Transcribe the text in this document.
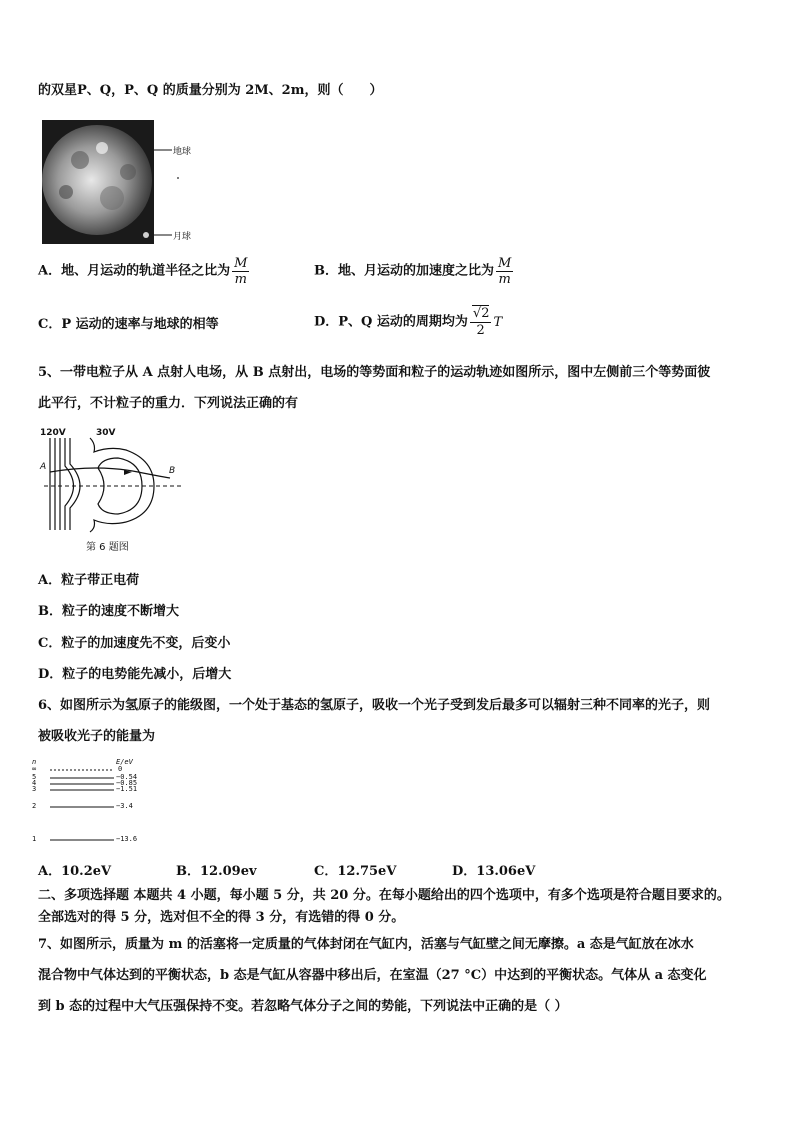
的双星P、Q，P、Q 的质量分别为 2M、2m，则（　　）
地球
月球
A．地、月运动的轨道半径之比为 $\frac{M}{m}$	B．地、月运动的加速度之比为 $\frac{M}{m}$
C．P 运动的速率与地球的相等	D．P、Q 运动的周期均为 $\frac{√2}{2}$ T
5、一带电粒子从 A 点射人电场，从 B 点射出，电场的等势面和粒子的运动轨迹如图所示，图中左侧前三个等势面彼
此平行，不计粒子的重力．下列说法正确的有
120V	30V
A	B
第 6 题图
A．粒子带正电荷
B．粒子的速度不断增大
C．粒子的加速度先不变，后变小
D．粒子的电势能先减小，后增大
6、如图所示为氢原子的能级图，一个处于基态的氢原子，吸收一个光子受到发后最多可以辐射三种不同率的光子，则
被吸收光子的能量为
n	E/eV
∞	0
5	−0.54
4	−0.85
3	−1.51
2	−3.4
1	−13.6
A．10.2eV	B．12.09ev	C．12.75eV	D．13.06eV
二、多项选择题 本题共 4 小题，每小题 5 分，共 20 分。在每小题给出的四个选项中，有多个选项是符合题目要求的。
全部选对的得 5 分，选对但不全的得 3 分，有选错的得 0 分。
7、如图所示，质量为 m 的活塞将一定质量的气体封闭在气缸内，活塞与气缸壁之间无摩擦。a 态是气缸放在冰水
混合物中气体达到的平衡状态，b 态是气缸从容器中移出后，在室温（27 °C）中达到的平衡状态。气体从 a 态变化
到 b 态的过程中大气压强保持不变。若忽略气体分子之间的势能，下列说法中正确的是（ ）
